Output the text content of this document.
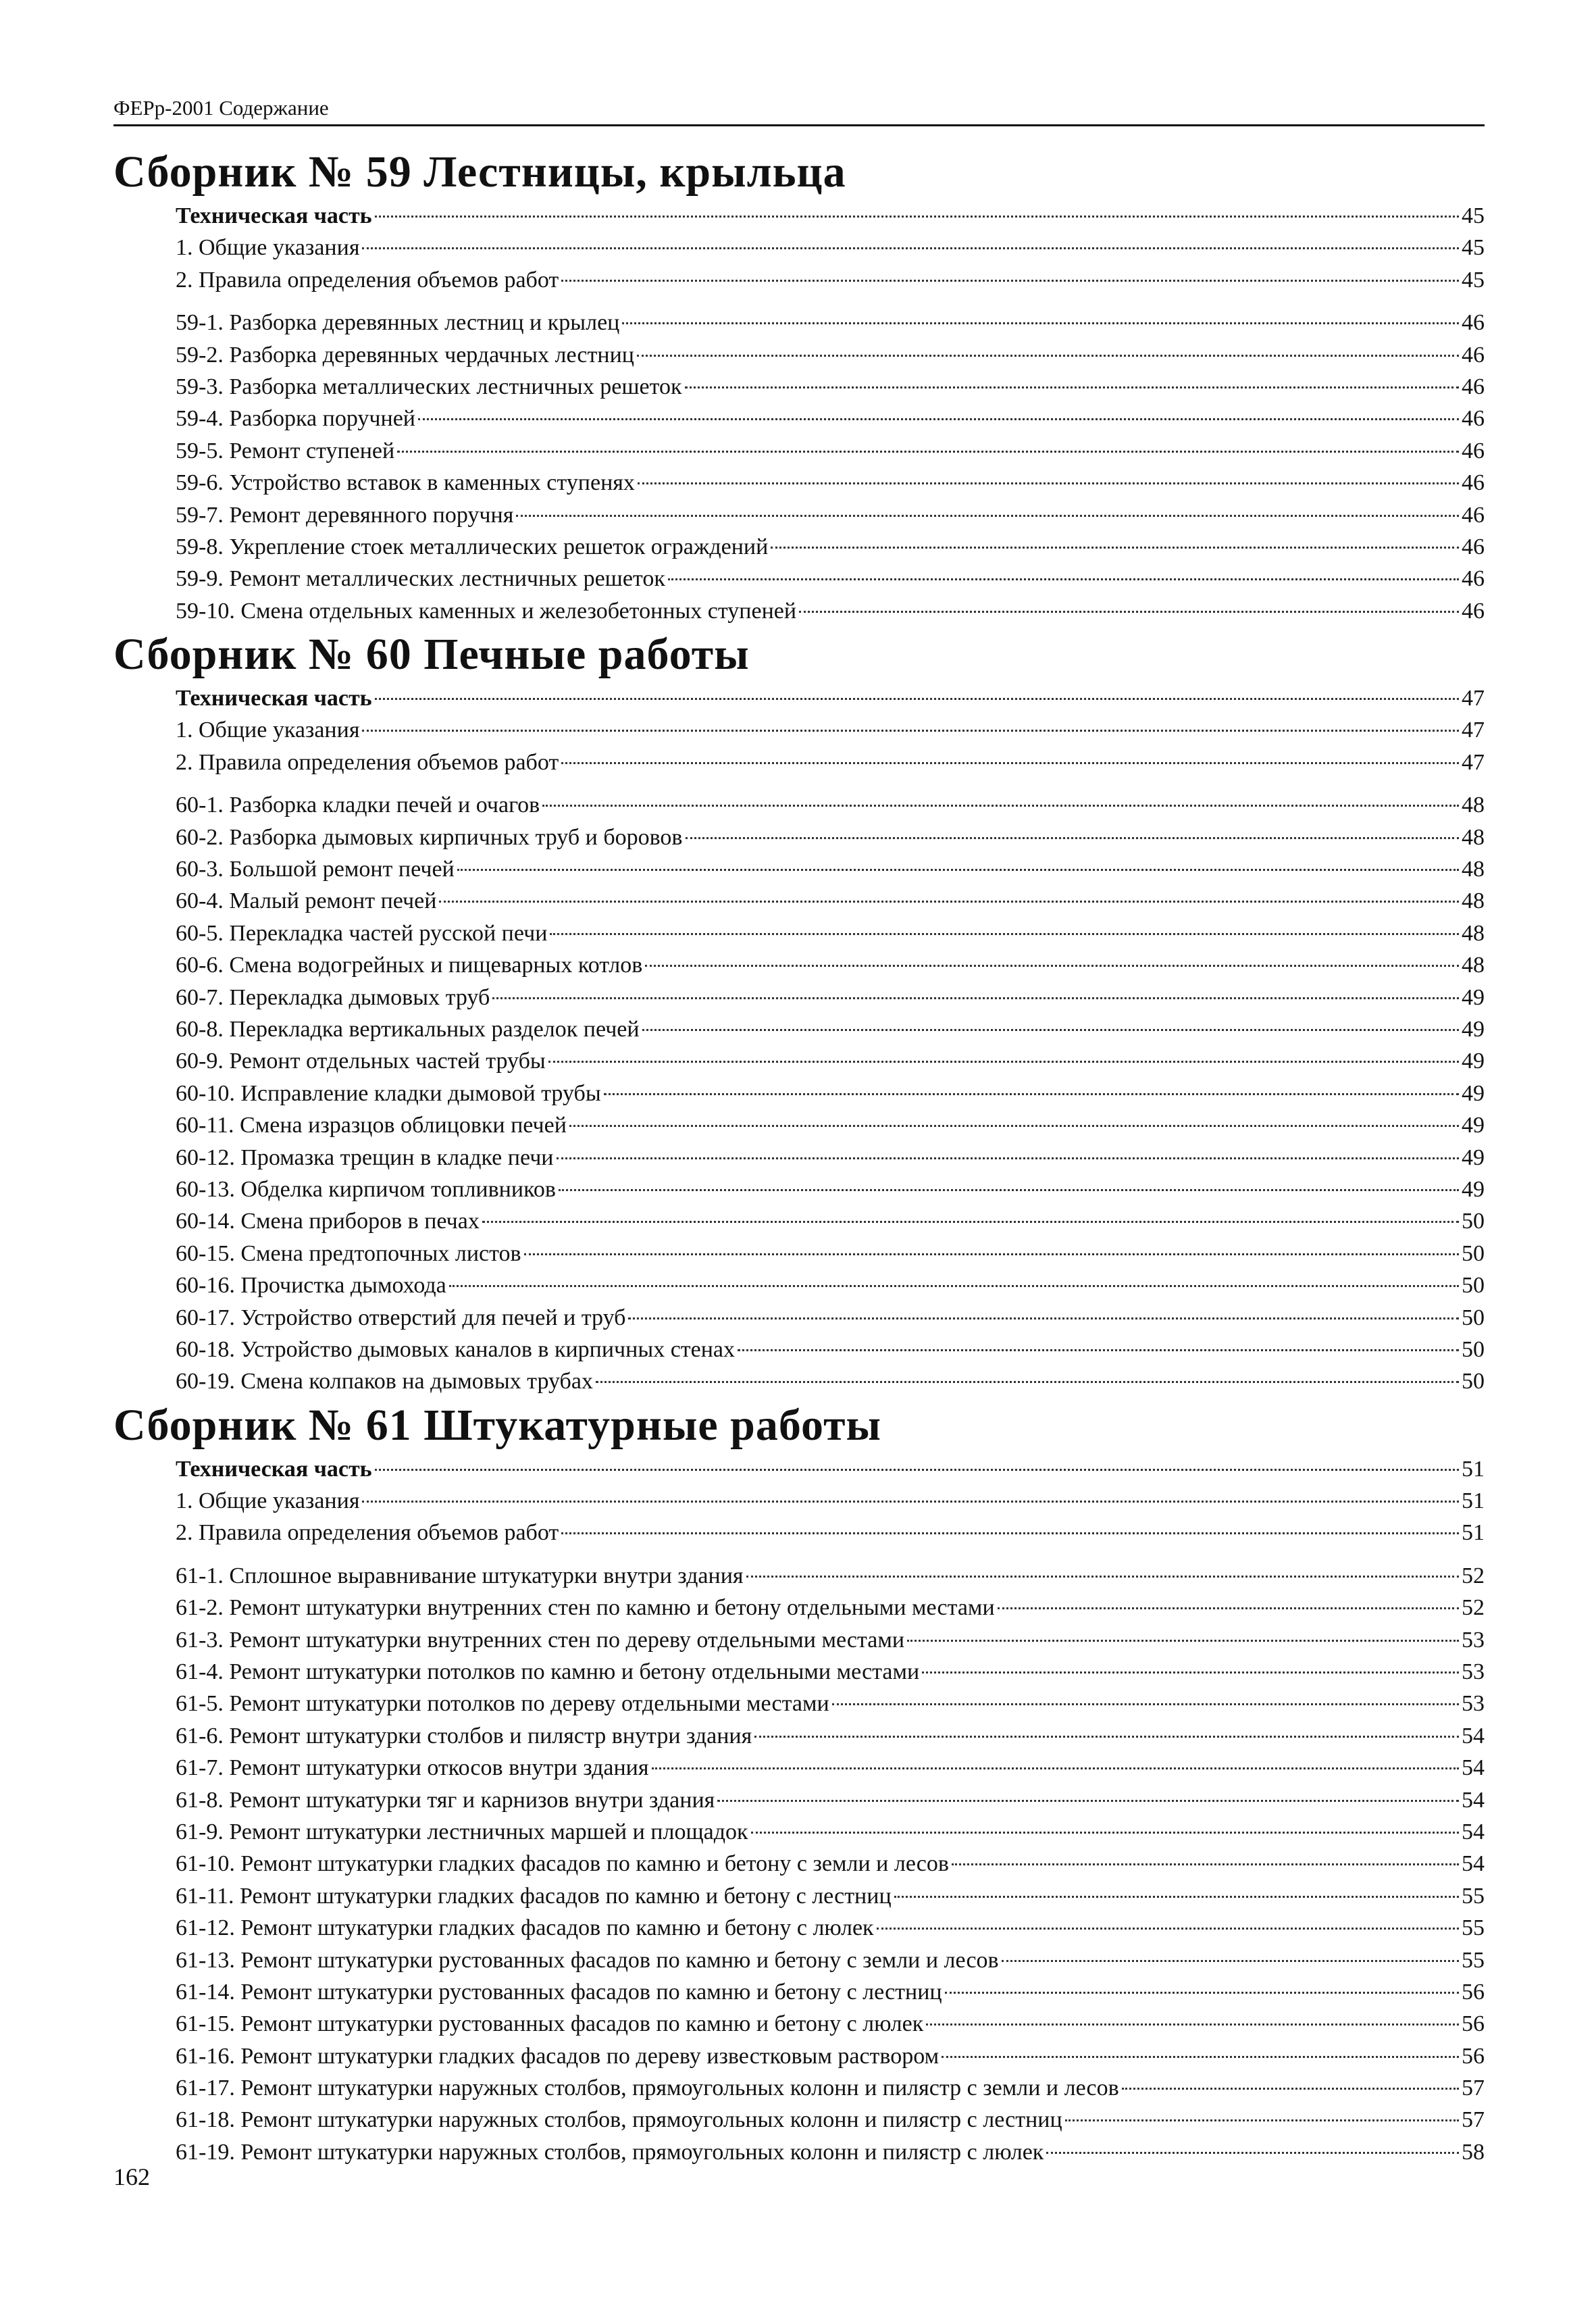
ФЕРр-2001 Содержание
Сборник № 59 Лестницы, крыльца
Техническая часть	45
1. Общие указания	45
2. Правила определения объемов работ	45
59-1. Разборка деревянных лестниц и крылец	46
59-2. Разборка деревянных чердачных лестниц	46
59-3. Разборка металлических лестничных решеток	46
59-4. Разборка поручней	46
59-5. Ремонт ступеней	46
59-6. Устройство вставок в каменных ступенях	46
59-7. Ремонт деревянного поручня	46
59-8. Укрепление стоек металлических решеток ограждений	46
59-9. Ремонт металлических лестничных решеток	46
59-10. Смена отдельных каменных и железобетонных ступеней	46
Сборник № 60 Печные работы
Техническая часть	47
1. Общие указания	47
2. Правила определения объемов работ	47
60-1. Разборка кладки печей и очагов	48
60-2. Разборка дымовых кирпичных труб и боровов	48
60-3. Большой ремонт печей	48
60-4. Малый ремонт печей	48
60-5. Перекладка частей русской печи	48
60-6. Смена водогрейных и пищеварных котлов	48
60-7. Перекладка дымовых труб	49
60-8. Перекладка вертикальных разделок печей	49
60-9. Ремонт отдельных частей трубы	49
60-10. Исправление кладки дымовой трубы	49
60-11. Смена изразцов облицовки печей	49
60-12. Промазка трещин в кладке печи	49
60-13. Обделка кирпичом топливников	49
60-14. Смена приборов в печах	50
60-15. Смена предтопочных листов	50
60-16. Прочистка дымохода	50
60-17. Устройство отверстий для печей и труб	50
60-18. Устройство дымовых каналов в кирпичных стенах	50
60-19. Смена колпаков на дымовых трубах	50
Сборник № 61 Штукатурные работы
Техническая часть	51
1. Общие указания	51
2. Правила определения объемов работ	51
61-1. Сплошное выравнивание штукатурки внутри здания	52
61-2. Ремонт штукатурки внутренних стен по камню и бетону отдельными местами	52
61-3. Ремонт штукатурки внутренних стен по дереву отдельными местами	53
61-4. Ремонт штукатурки потолков по камню и бетону отдельными местами	53
61-5. Ремонт штукатурки потолков по дереву отдельными местами	53
61-6. Ремонт штукатурки столбов и пилястр внутри здания	54
61-7. Ремонт штукатурки откосов внутри здания	54
61-8. Ремонт штукатурки тяг и карнизов внутри здания	54
61-9. Ремонт штукатурки лестничных маршей и площадок	54
61-10. Ремонт штукатурки гладких фасадов по камню и бетону с земли и лесов	54
61-11. Ремонт штукатурки гладких фасадов по камню и бетону с лестниц	55
61-12. Ремонт штукатурки гладких фасадов по камню и бетону с люлек	55
61-13. Ремонт штукатурки рустованных фасадов по камню и бетону с земли и лесов	55
61-14. Ремонт штукатурки рустованных фасадов по камню и бетону с лестниц	56
61-15. Ремонт штукатурки рустованных фасадов по камню и бетону с люлек	56
61-16. Ремонт штукатурки гладких фасадов по дереву известковым раствором	56
61-17. Ремонт штукатурки наружных столбов, прямоугольных колонн и пилястр с земли и лесов	57
61-18. Ремонт штукатурки наружных столбов, прямоугольных колонн и пилястр с лестниц	57
61-19. Ремонт штукатурки наружных столбов, прямоугольных колонн и пилястр с люлек	58
162
